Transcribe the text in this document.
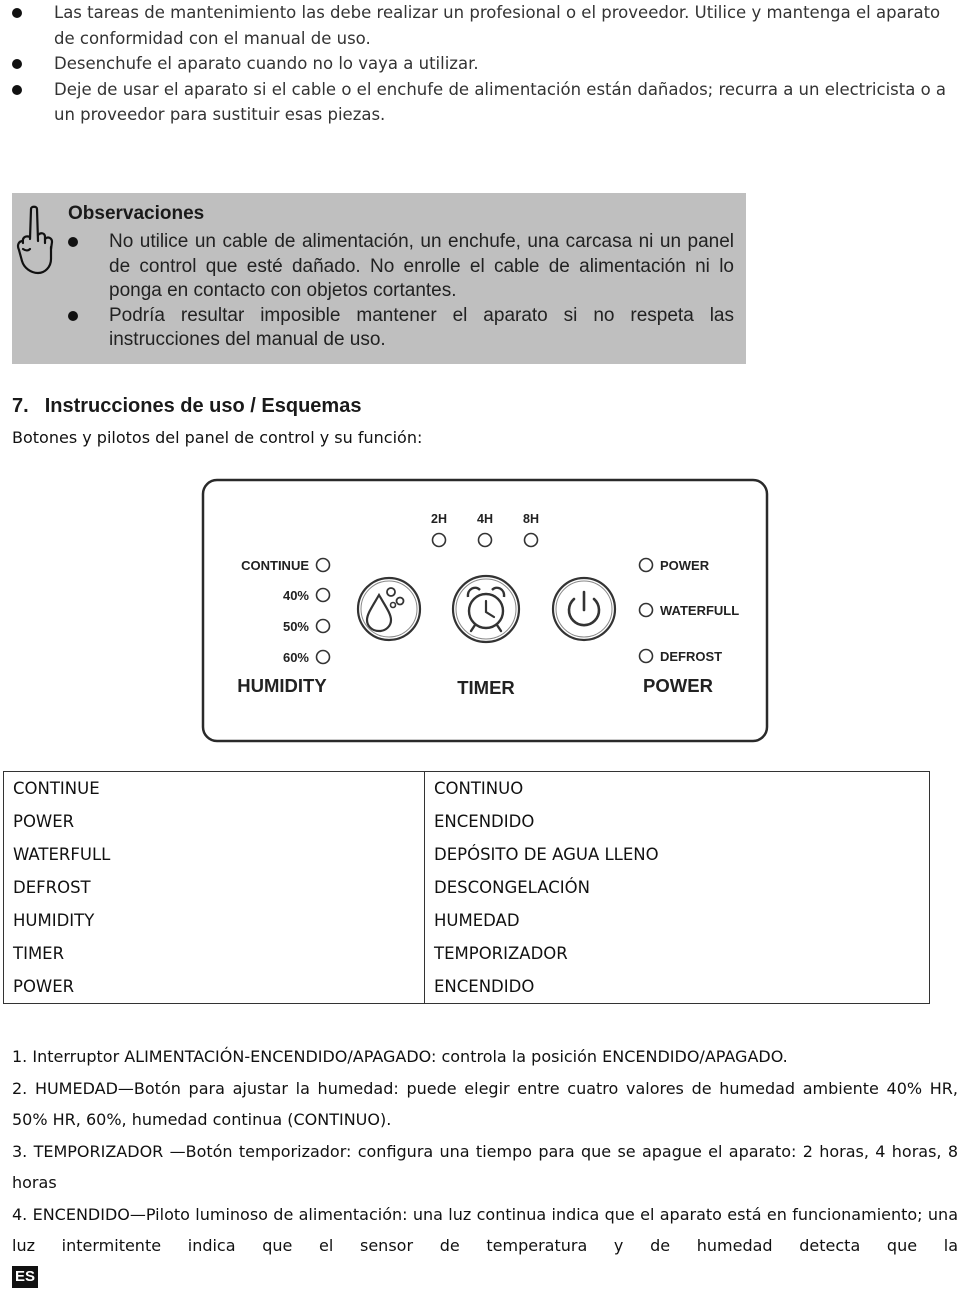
Las tareas de mantenimiento las debe realizar un profesional o el proveedor. Utilice y mantenga el aparato de conformidad con el manual de uso.
Desenchufe el aparato cuando no lo vaya a utilizar.
Deje de usar el aparato si el cable o el enchufe de alimentación están dañados; recurra a un electricista o a un proveedor para sustituir esas piezas.
Observaciones
No utilice un cable de alimentación, un enchufe, una carcasa ni un panel de control que esté dañado. No enrolle el cable de alimentación ni lo ponga en contacto con objetos cortantes.
Podría resultar imposible mantener el aparato si no respeta las instrucciones del manual de uso.
7. Instrucciones de uso / Esquemas
Botones y pilotos del panel de control y su función:
2H 4H 8H
CONTINUE
40%
50%
60%
POWER
WATERFULL
DEFROST
HUMIDITY	TIMER	POWER
CONTINUE	CONTINUO
POWER	ENCENDIDO
WATERFULL	DEPÓSITO DE AGUA LLENO
DEFROST	DESCONGELACIÓN
HUMIDITY	HUMEDAD
TIMER	TEMPORIZADOR
POWER	ENCENDIDO
1. Interruptor ALIMENTACIÓN-ENCENDIDO/APAGADO: controla la posición ENCENDIDO/APAGADO.
2. HUMEDAD—Botón para ajustar la humedad: puede elegir entre cuatro valores de humedad ambiente 40% HR, 50% HR, 60%, humedad continua (CONTINUO).
3. TEMPORIZADOR —Botón temporizador: configura una tiempo para que se apague el aparato: 2 horas, 4 horas, 8 horas
4. ENCENDIDO—Piloto luminoso de alimentación: una luz continua indica que el aparato está en funcionamiento; una luz intermitente indica que el sensor de temperatura y de humedad detecta que la
ES
